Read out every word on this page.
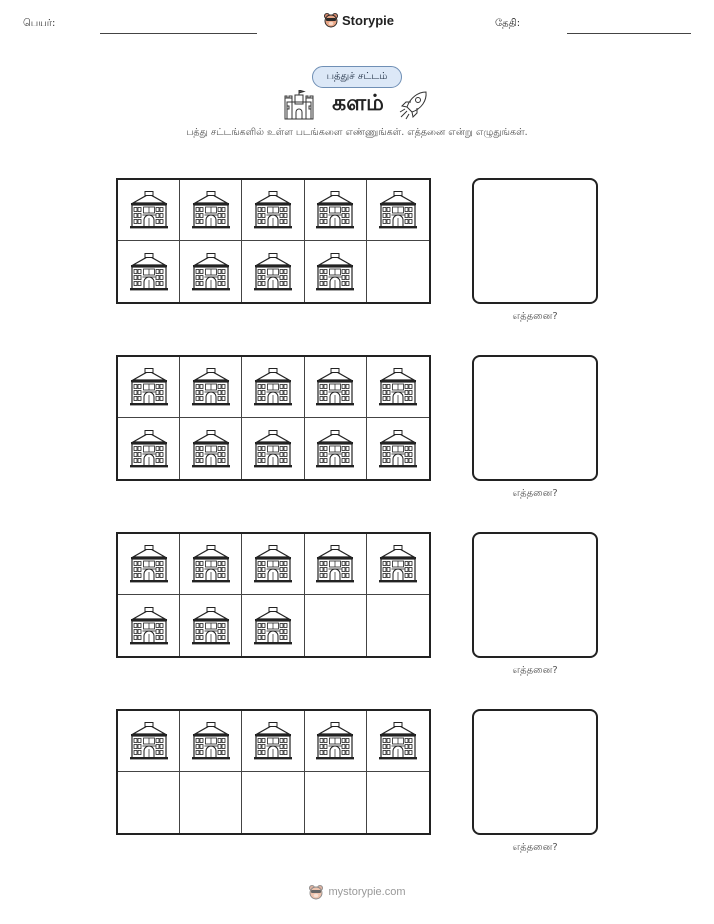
பெயர்:	Storypie	தேதி:
பத்துச் சட்டம்
களம்
பத்து சட்டங்களில் உள்ள படங்களை எண்ணுங்கள். எத்தனை என்று எழுதுங்கள்.
எத்தனை?
எத்தனை?
எத்தனை?
எத்தனை?
mystorypie.com
